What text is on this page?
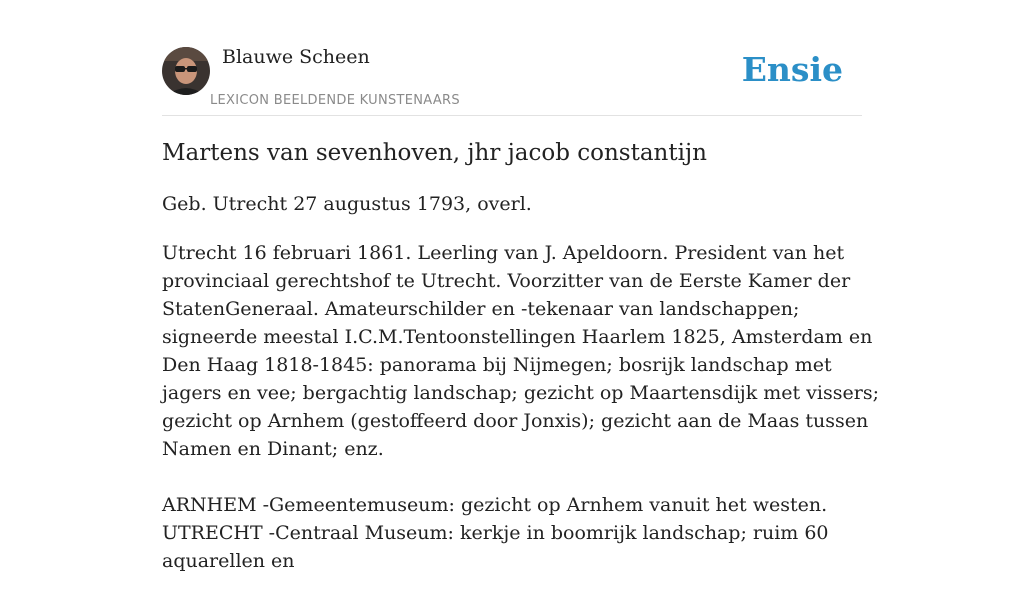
Blauwe Scheen
LEXICON BEELDENDE KUNSTENAARS
Ensie
Martens van sevenhoven, jhr jacob constantijn

Geb. Utrecht 27 augustus 1793, overl.

Utrecht 16 februari 1861. Leerling van J. Apeldoorn. President van het provinciaal gerechtshof te Utrecht. Voorzitter van de Eerste Kamer der StatenGeneraal. Amateurschilder en -tekenaar van landschappen; signeerde meestal I.C.M.Tentoonstellingen Haarlem 1825, Amsterdam en Den Haag 1818-1845: panorama bij Nijmegen; bosrijk landschap met jagers en vee; bergachtig landschap; gezicht op Maartensdijk met vissers; gezicht op Arnhem (gestoffeerd door Jonxis); gezicht aan de Maas tussen Namen en Dinant; enz.

ARNHEM -Gemeentemuseum: gezicht op Arnhem vanuit het westen. UTRECHT -Centraal Museum: kerkje in boomrijk landschap; ruim 60 aquarellen en
